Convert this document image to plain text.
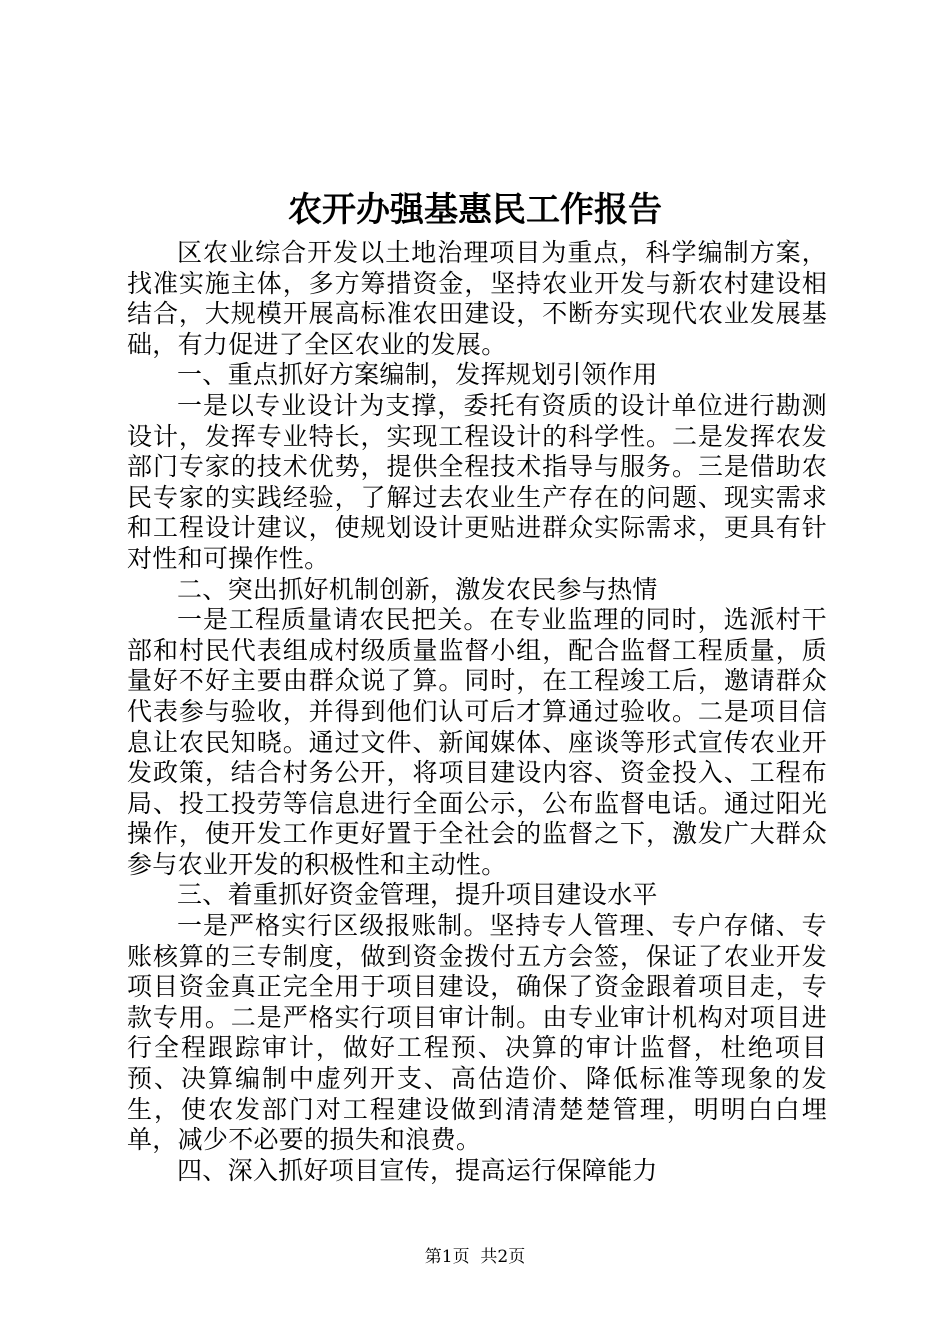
农开办强基惠民工作报告

区农业综合开发以土地治理项目为重点，科学编制方案，找准实施主体，多方筹措资金，坚持农业开发与新农村建设相结合，大规模开展高标准农田建设，不断夯实现代农业发展基础，有力促进了全区农业的发展。

一、重点抓好方案编制，发挥规划引领作用

一是以专业设计为支撑，委托有资质的设计单位进行勘测设计，发挥专业特长，实现工程设计的科学性。二是发挥农发部门专家的技术优势，提供全程技术指导与服务。三是借助农民专家的实践经验，了解过去农业生产存在的问题、现实需求和工程设计建议，使规划设计更贴进群众实际需求，更具有针对性和可操作性。

二、突出抓好机制创新，激发农民参与热情

一是工程质量请农民把关。在专业监理的同时，选派村干部和村民代表组成村级质量监督小组，配合监督工程质量，质量好不好主要由群众说了算。同时，在工程竣工后，邀请群众代表参与验收，并得到他们认可后才算通过验收。二是项目信息让农民知晓。通过文件、新闻媒体、座谈等形式宣传农业开发政策，结合村务公开，将项目建设内容、资金投入、工程布局、投工投劳等信息进行全面公示，公布监督电话。通过阳光操作，使开发工作更好置于全社会的监督之下，激发广大群众参与农业开发的积极性和主动性。

三、着重抓好资金管理，提升项目建设水平

一是严格实行区级报账制。坚持专人管理、专户存储、专账核算的三专制度，做到资金拨付五方会签，保证了农业开发项目资金真正完全用于项目建设，确保了资金跟着项目走，专款专用。二是严格实行项目审计制。由专业审计机构对项目进行全程跟踪审计，做好工程预、决算的审计监督，杜绝项目预、决算编制中虚列开支、高估造价、降低标准等现象的发生，使农发部门对工程建设做到清清楚楚管理，明明白白埋单，减少不必要的损失和浪费。

四、深入抓好项目宣传，提高运行保障能力

第1页 共2页
